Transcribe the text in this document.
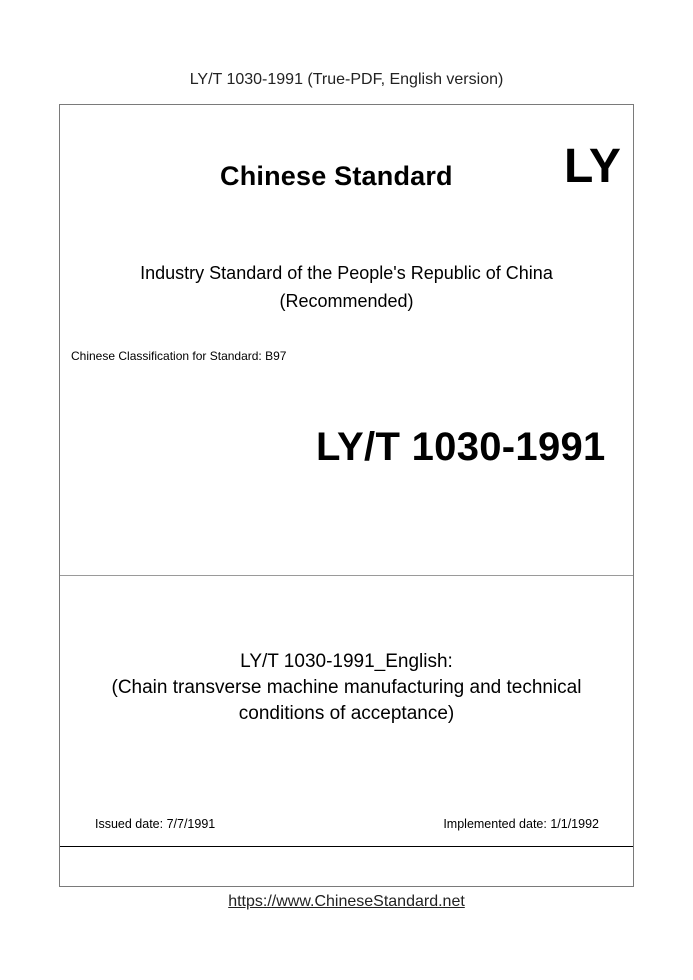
LY/T 1030-1991 (True-PDF, English version)
Chinese Standard LY
Industry Standard of the People's Republic of China
(Recommended)
Chinese Classification for Standard: B97
LY/T 1030-1991
LY/T 1030-1991_English:
(Chain transverse machine manufacturing and technical
conditions of acceptance)
Issued date: 7/7/1991	Implemented date: 1/1/1992
https://www.ChineseStandard.net
